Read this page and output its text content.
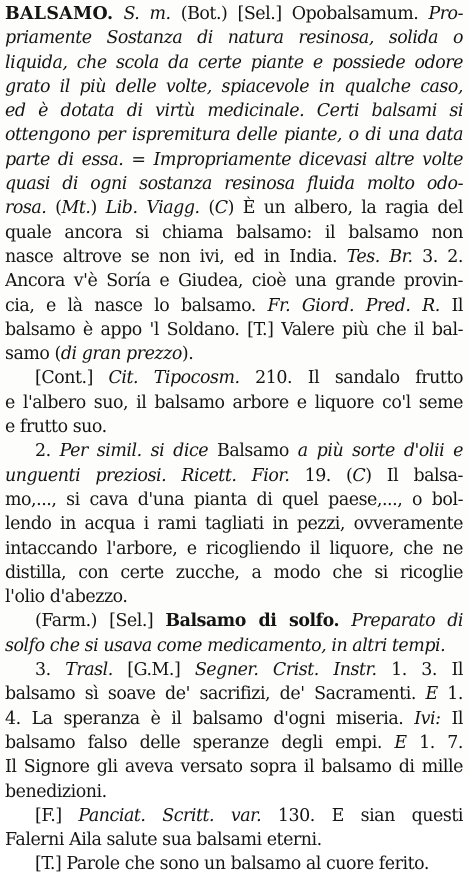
BALSAMO. S. m. (Bot.) [Sel.] Opobalsamum. Pro-
priamente Sostanza di natura resinosa, solida o
liquida, che scola da certe piante e possiede odore
grato il più delle volte, spiacevole in qualche caso,
ed è dotata di virtù medicinale. Certi balsami si
ottengono per ispremitura delle piante, o di una data
parte di essa. = Impropriamente dicevasi altre volte
quasi di ogni sostanza resinosa fluida molto odo-
rosa. (Mt.) Lib. Viagg. (C) È un albero, la ragia del
quale ancora si chiama balsamo: il balsamo non
nasce altrove se non ivi, ed in India. Tes. Br. 3. 2.
Ancora v'è Soría e Giudea, cioè una grande provin-
cia, e là nasce lo balsamo. Fr. Giord. Pred. R. Il
balsamo è appo 'l Soldano. [T.] Valere più che il bal-
samo (di gran prezzo).
[Cont.] Cit. Tipocosm. 210. Il sandalo frutto
e l'albero suo, il balsamo arbore e liquore co'l seme
e frutto suo.
2. Per simil. si dice Balsamo a più sorte d'olii e
unguenti preziosi. Ricett. Fior. 19. (C) Il balsa-
mo,..., si cava d'una pianta di quel paese,..., o bol-
lendo in acqua i rami tagliati in pezzi, ovveramente
intaccando l'arbore, e ricogliendo il liquore, che ne
distilla, con certe zucche, a modo che si ricoglie
l'olio d'abezzo.
(Farm.) [Sel.] Balsamo di solfo. Preparato di
solfo che si usava come medicamento, in altri tempi.
3. Trasl. [G.M.] Segner. Crist. Instr. 1. 3. Il
balsamo sì soave de' sacrifizi, de' Sacramenti. E 1.
4. La speranza è il balsamo d'ogni miseria. Ivi: Il
balsamo falso delle speranze degli empi. E 1. 7.
Il Signore gli aveva versato sopra il balsamo di mille
benedizioni.
[F.] Panciat. Scritt. var. 130. E sian questi
Falerni Aila salute sua balsami eterni.
[T.] Parole che sono un balsamo al cuore ferito.
